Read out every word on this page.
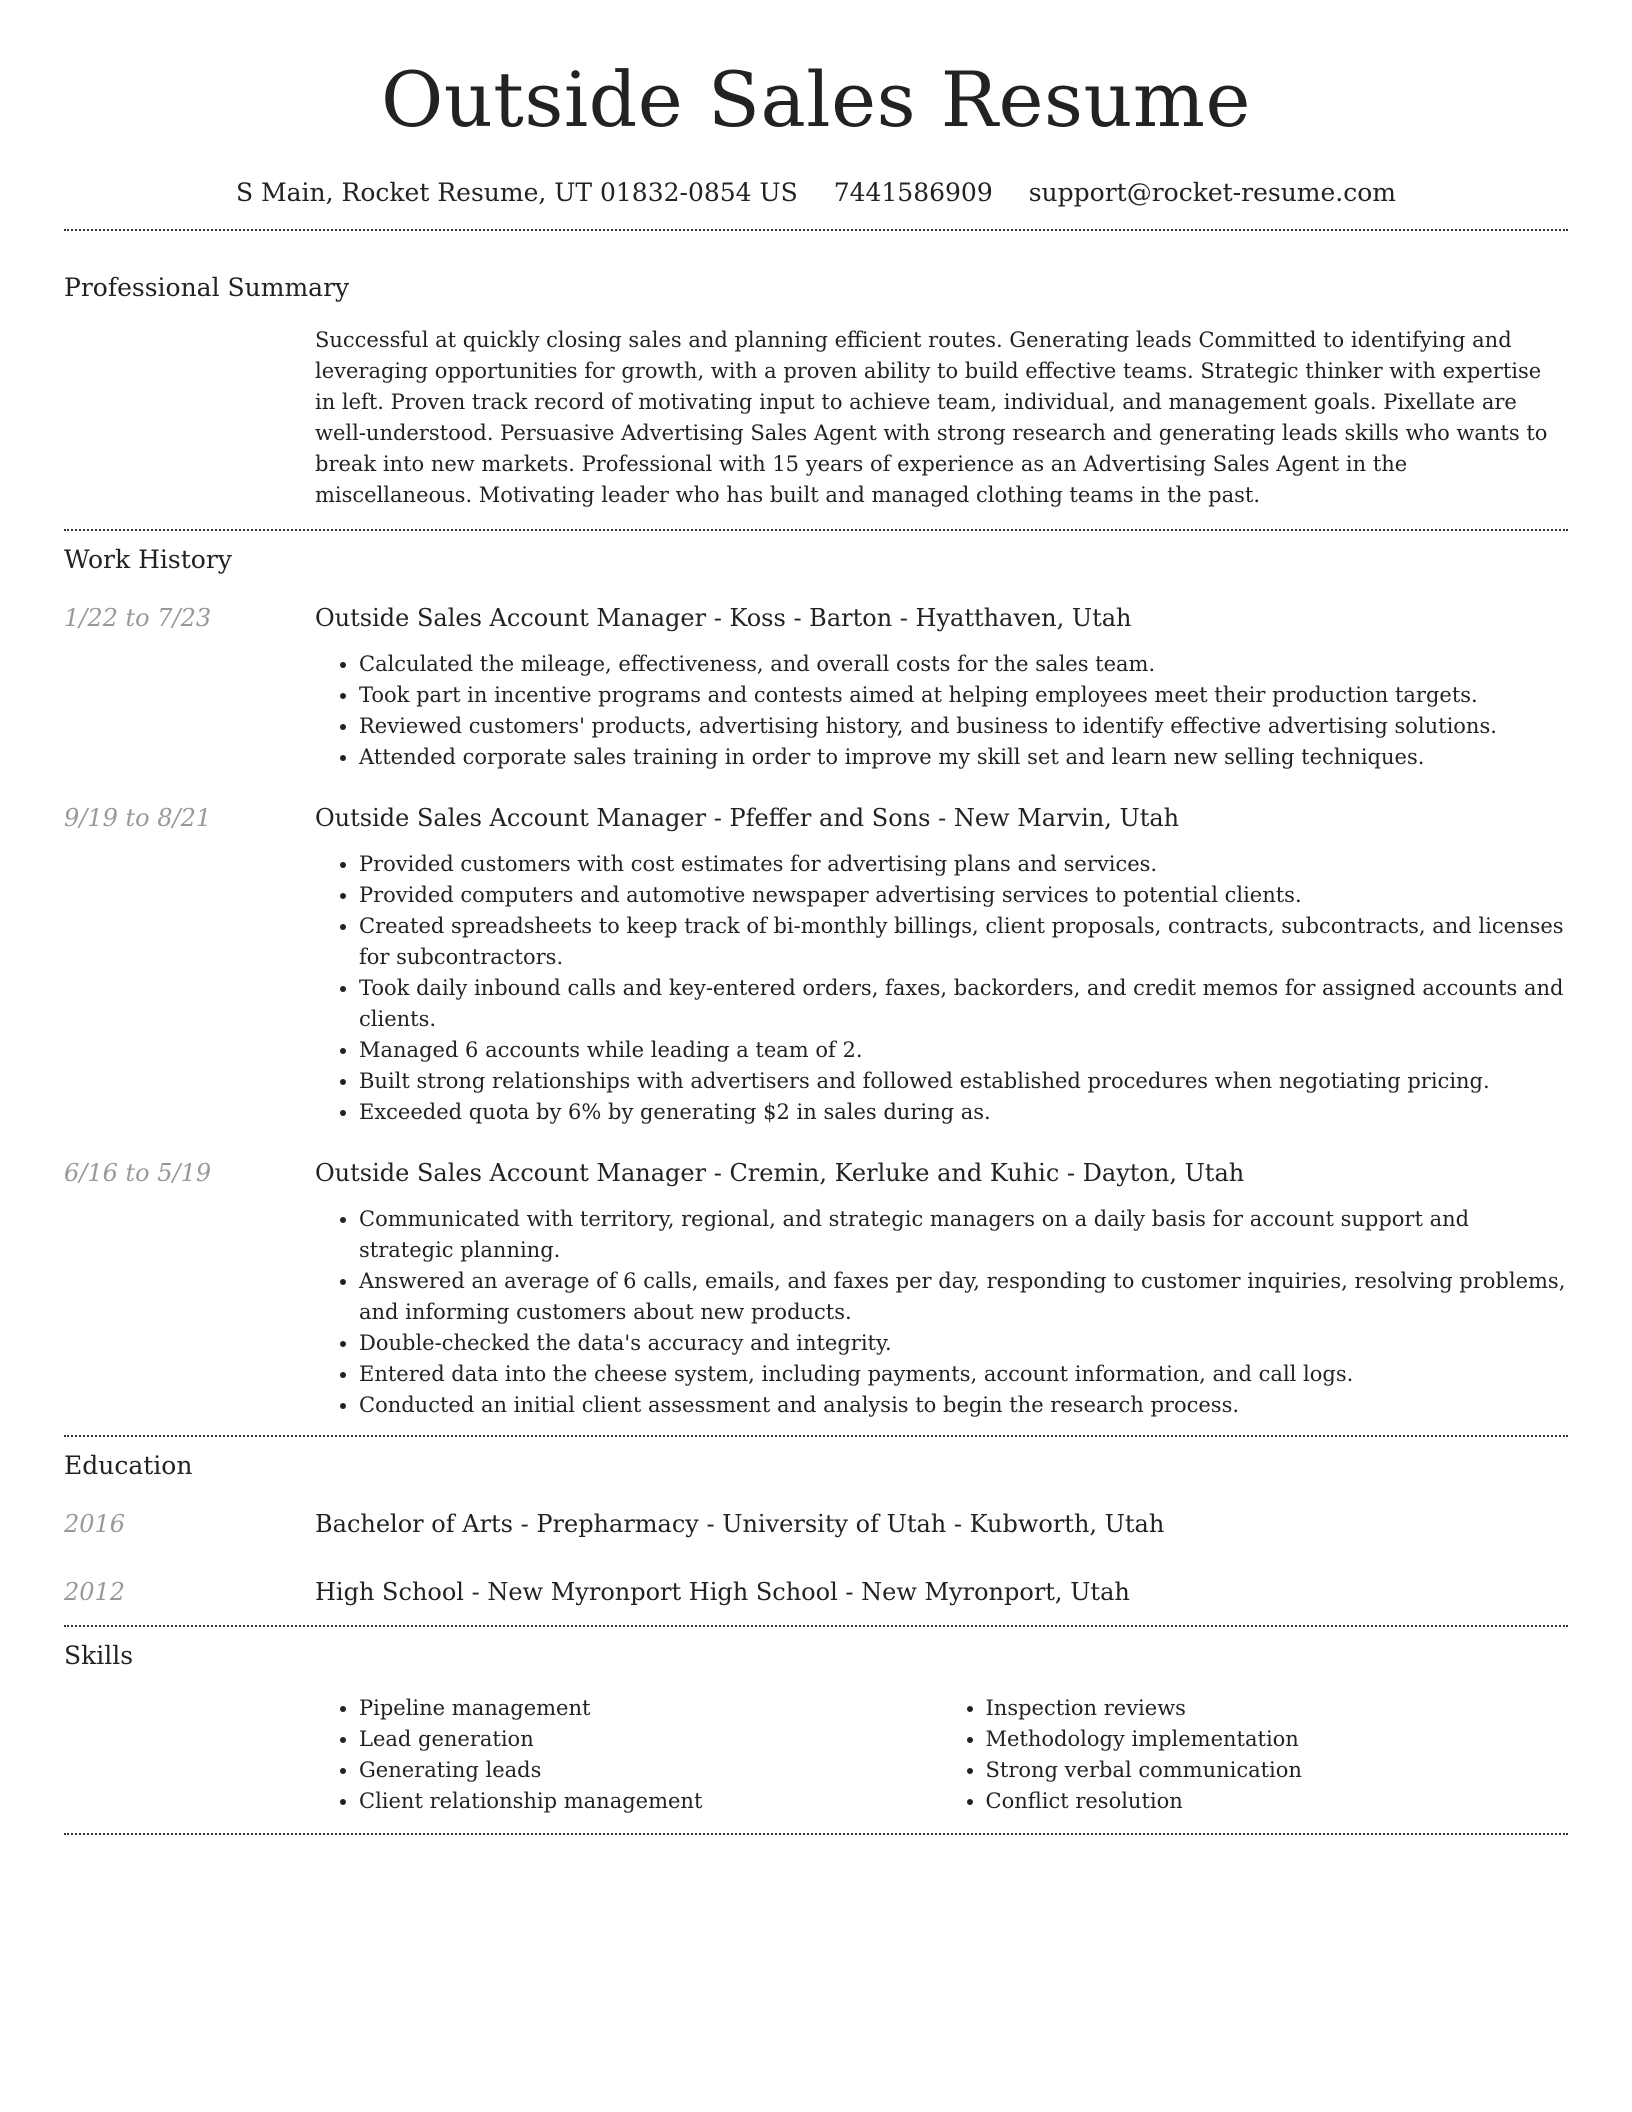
Outside Sales Resume
S Main, Rocket Resume, UT 01832-0854 US 7441586909 support@rocket-resume.com
Professional Summary

Successful at quickly closing sales and planning efficient routes. Generating leads Committed to identifying and leveraging opportunities for growth, with a proven ability to build effective teams. Strategic thinker with expertise in left. Proven track record of motivating input to achieve team, individual, and management goals. Pixellate are well-understood. Persuasive Advertising Sales Agent with strong research and generating leads skills who wants to break into new markets. Professional with 15 years of experience as an Advertising Sales Agent in the miscellaneous. Motivating leader who has built and managed clothing teams in the past.

Work History
1/22 to 7/23	Outside Sales Account Manager - Koss - Barton - Hyatthaven, Utah
• Calculated the mileage, effectiveness, and overall costs for the sales team.
• Took part in incentive programs and contests aimed at helping employees meet their production targets.
• Reviewed customers' products, advertising history, and business to identify effective advertising solutions.
• Attended corporate sales training in order to improve my skill set and learn new selling techniques.
9/19 to 8/21	Outside Sales Account Manager - Pfeffer and Sons - New Marvin, Utah
• Provided customers with cost estimates for advertising plans and services.
• Provided computers and automotive newspaper advertising services to potential clients.
• Created spreadsheets to keep track of bi-monthly billings, client proposals, contracts, subcontracts, and licenses for subcontractors.
• Took daily inbound calls and key-entered orders, faxes, backorders, and credit memos for assigned accounts and clients.
• Managed 6 accounts while leading a team of 2.
• Built strong relationships with advertisers and followed established procedures when negotiating pricing.
• Exceeded quota by 6% by generating $2 in sales during as.
6/16 to 5/19	Outside Sales Account Manager - Cremin, Kerluke and Kuhic - Dayton, Utah
• Communicated with territory, regional, and strategic managers on a daily basis for account support and strategic planning.
• Answered an average of 6 calls, emails, and faxes per day, responding to customer inquiries, resolving problems, and informing customers about new products.
• Double-checked the data's accuracy and integrity.
• Entered data into the cheese system, including payments, account information, and call logs.
• Conducted an initial client assessment and analysis to begin the research process.
Education
2016	Bachelor of Arts - Prepharmacy - University of Utah - Kubworth, Utah
2012	High School - New Myronport High School - New Myronport, Utah
Skills
• Pipeline management
• Lead generation
• Generating leads
• Client relationship management
• Inspection reviews
• Methodology implementation
• Strong verbal communication
• Conflict resolution
